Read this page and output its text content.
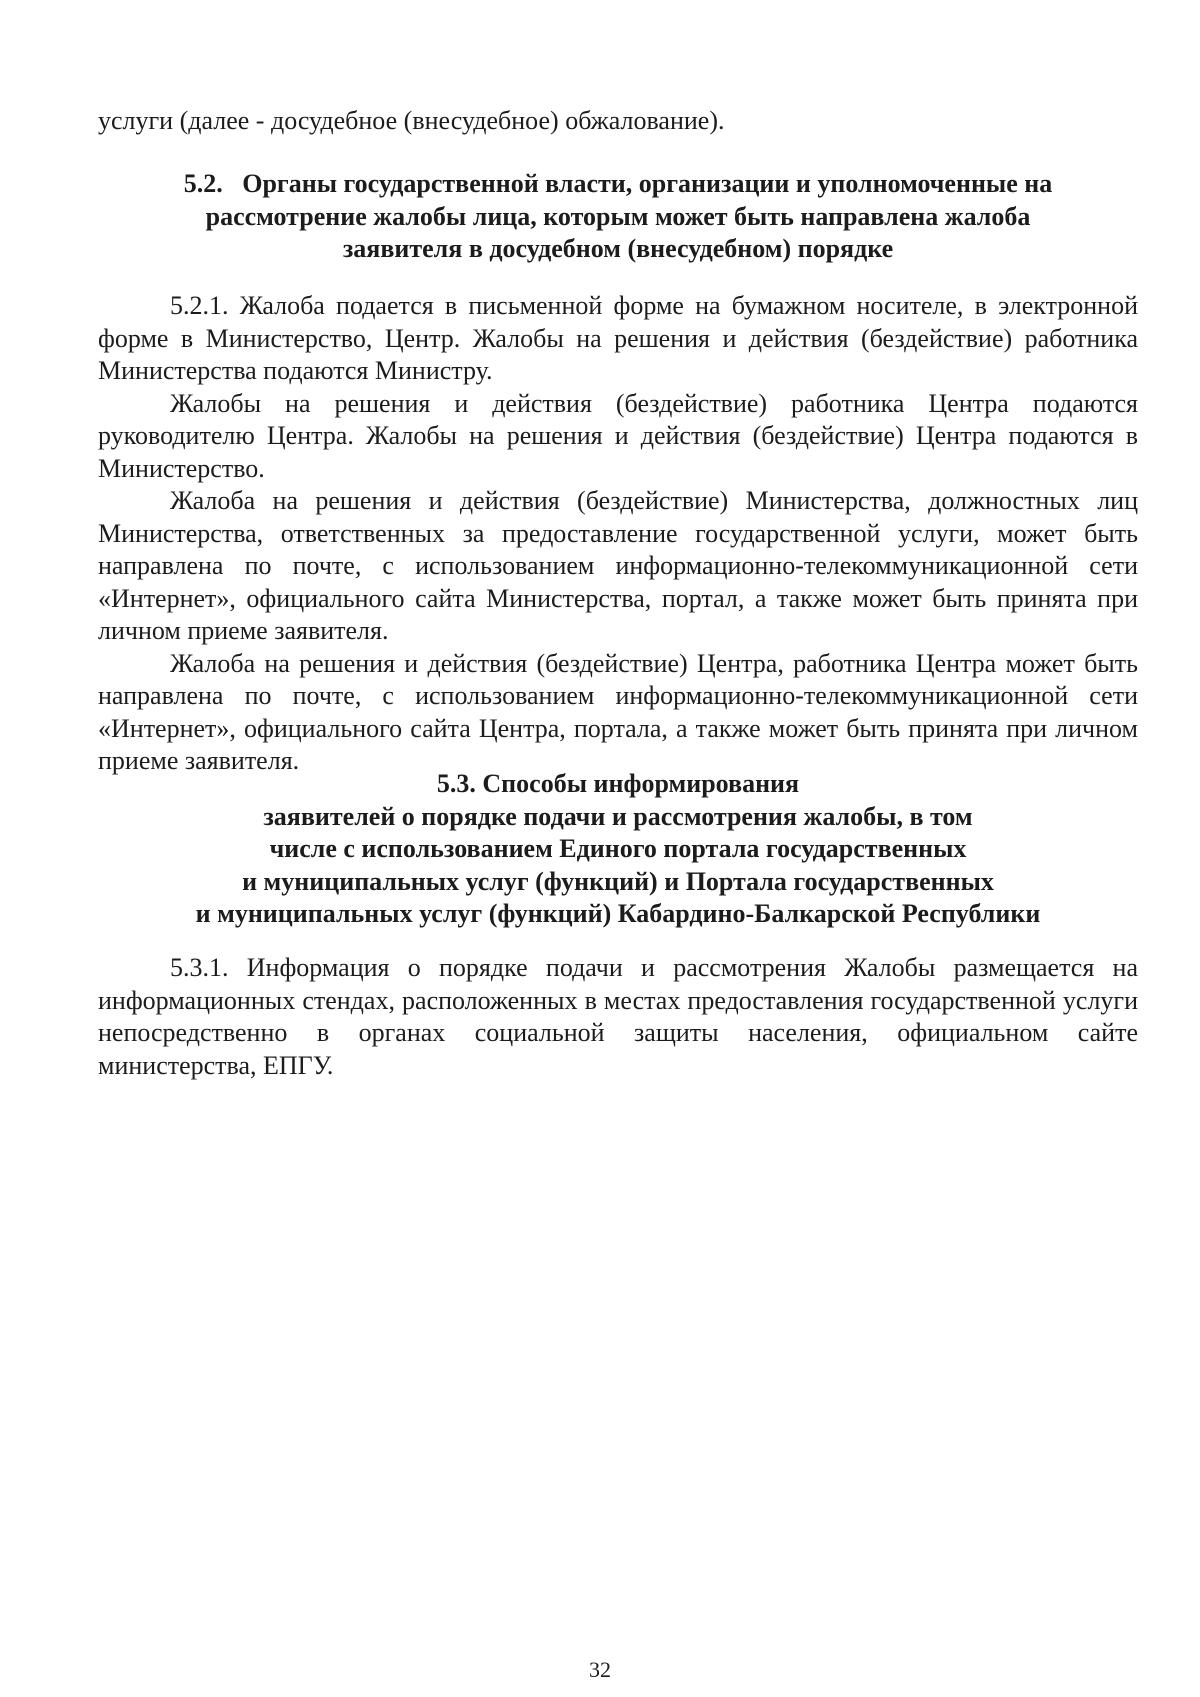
услуги (далее - досудебное (внесудебное) обжалование).

5.2. Органы государственной власти, организации и уполномоченные на
рассмотрение жалобы лица, которым может быть направлена жалоба
заявителя в досудебном (внесудебном) порядке

5.2.1. Жалоба подается в письменной форме на бумажном носителе, в электронной форме в Министерство, Центр. Жалобы на решения и действия (бездействие) работника Министерства подаются Министру.

Жалобы на решения и действия (бездействие) работника Центра подаются руководителю Центра. Жалобы на решения и действия (бездействие) Центра подаются в Министерство.

Жалоба на решения и действия (бездействие) Министерства, должностных лиц Министерства, ответственных за предоставление государственной услуги, может быть направлена по почте, с использованием информационно-телекоммуникационной сети «Интернет», официального сайта Министерства, портал, а также может быть принята при личном приеме заявителя.

Жалоба на решения и действия (бездействие) Центра, работника Центра может быть направлена по почте, с использованием информационно-телекоммуникационной сети «Интернет», официального сайта Центра, портала, а также может быть принята при личном приеме заявителя.

5.3. Способы информирования
заявителей о порядке подачи и рассмотрения жалобы, в том
числе с использованием Единого портала государственных
и муниципальных услуг (функций) и Портала государственных
и муниципальных услуг (функций) Кабардино-Балкарской Республики

5.3.1. Информация о порядке подачи и рассмотрения Жалобы размещается на информационных стендах, расположенных в местах предоставления государственной услуги непосредственно в органах социальной защиты населения, официальном сайте министерства, ЕПГУ.

32
